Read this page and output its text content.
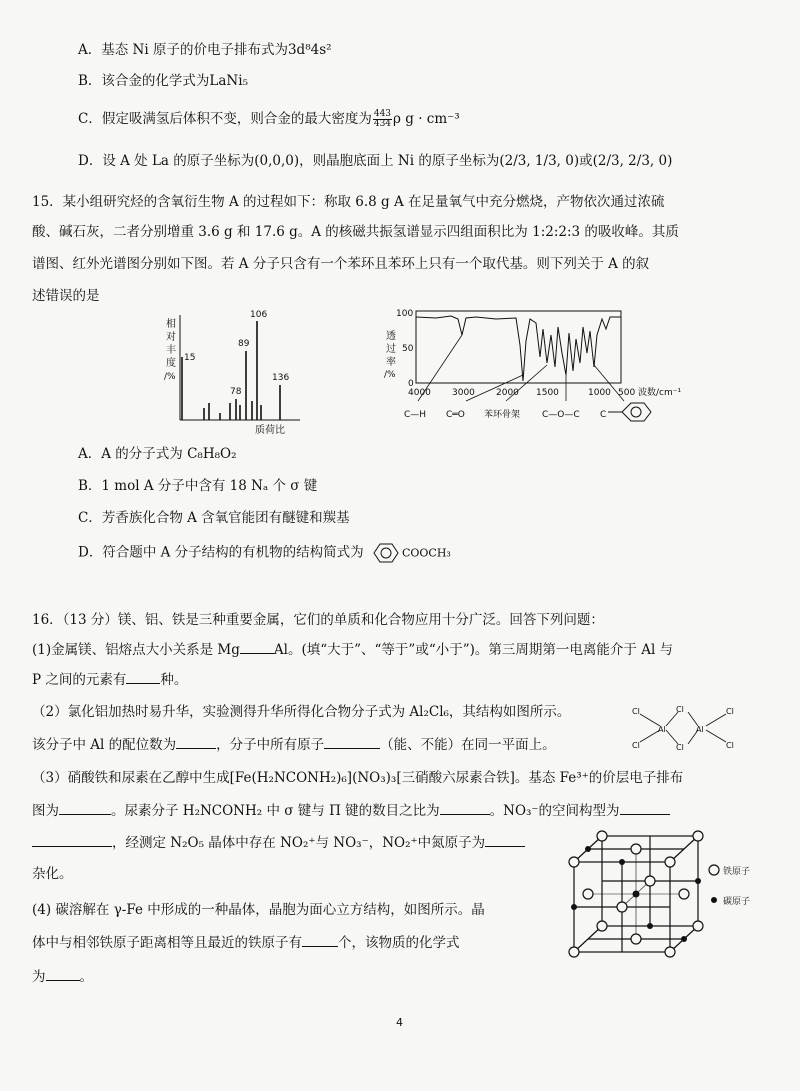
A．基态 Ni 原子的价电子排布式为3d⁸4s²
B．该合金的化学式为LaNi₅
C．假定吸满氢后体积不变，则合金的最大密度为 $\frac{443}{434}$ ρ g · cm⁻³
D．设 A 处 La 的原子坐标为(0,0,0)，则晶胞底面上 Ni 的原子坐标为(2/3, 1/3, 0)或(2/3, 2/3, 0)
15．某小组研究烃的含氧衍生物 A 的过程如下：称取 6.8 g A 在足量氧气中充分燃烧，产物依次通过浓硫
酸、碱石灰，二者分别增重 3.6 g 和 17.6 g。A 的核磁共振氢谱显示四组面积比为 1:2:2:3 的吸收峰。其质
谱图、红外光谱图分别如下图。若 A 分子只含有一个苯环且苯环上只有一个取代基。则下列关于 A 的叙
述错误的是
相
对
丰
度
/%
15
78
89
106
136
质荷比
透
过
率
/%
100
50
0
4000 3000 2000 1500	1000 500 波数/cm⁻¹
C—H C═O 苯环骨架 C—O—C C
A．A 的分子式为 C₈H₈O₂
B．1 mol A 分子中含有 18 Nₐ 个 σ 键
C．芳香族化合物 A 含氧官能团有醚键和羰基
D．符合题中 A 分子结构的有机物的结构简式为	COOCH₃
16．（13 分）镁、铝、铁是三种重要金属，它们的单质和化合物应用十分广泛。回答下列问题：
(1)金属镁、铝熔点大小关系是 Mg	Al。(填“大于”、“等于”或“小于”)。第三周期第一电离能介于 Al 与
P 之间的元素有	种。
（2）氯化铝加热时易升华，实验测得升华所得化合物分子式为 Al₂Cl₆，其结构如图所示。
该分子中 Al 的配位数为	，分子中所有原子	（能、不能）在同一平面上。
Cl
Cl
Cl
Cl
Cl
Cl
Al	Al
（3）硝酸铁和尿素在乙醇中生成[Fe(H₂NCONH₂)₆](NO₃)₃[三硝酸六尿素合铁]。基态 Fe³⁺的价层电子排布
图为	。尿素分子 H₂NCONH₂ 中 σ 键与 Π 键的数目之比为	。NO₃⁻的空间构型为
，经测定 N₂O₅ 晶体中存在 NO₂⁺与 NO₃⁻，NO₂⁺中氮原子为
杂化。
(4) 碳溶解在 γ-Fe 中形成的一种晶体，晶胞为面心立方结构，如图所示。晶
体中与相邻铁原子距离相等且最近的铁原子有	个，该物质的化学式
为	。
铁原子
碳原子
4
